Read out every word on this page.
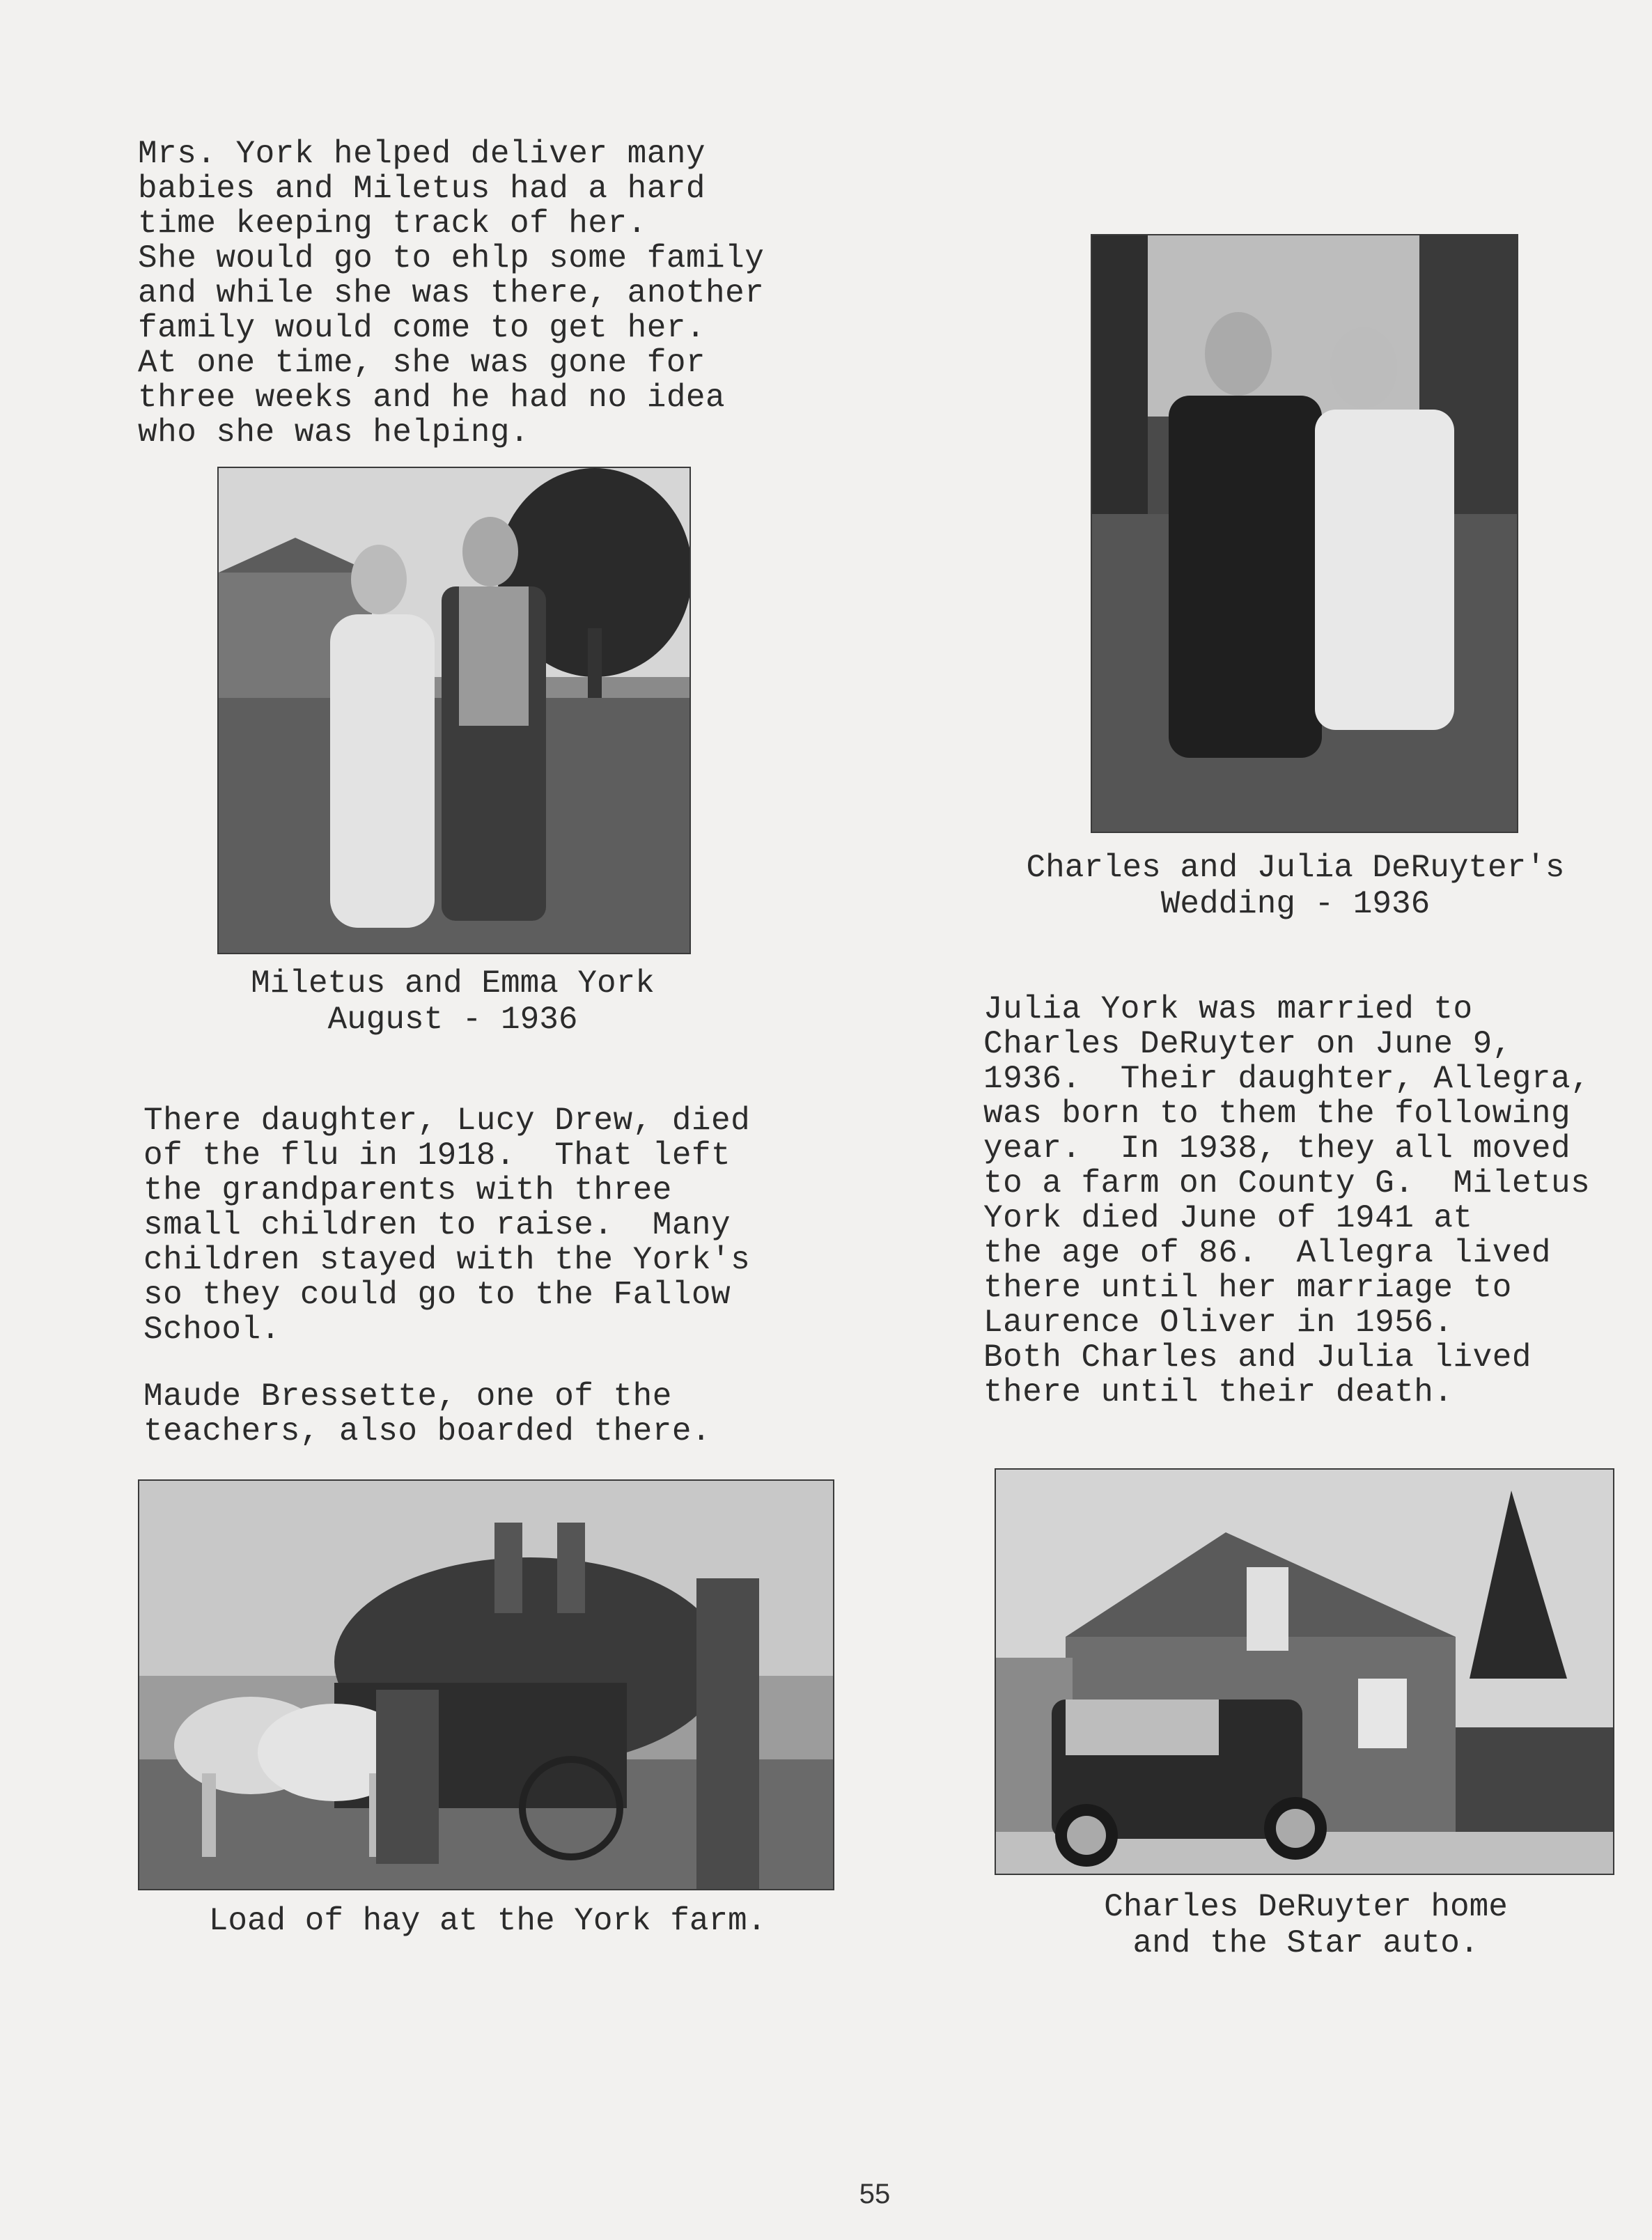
Mrs. York helped deliver many
babies and Miletus had a hard
time keeping track of her.
She would go to ehlp some family
and while she was there, another
family would come to get her.
At one time, she was gone for
three weeks and he had no idea
who she was helping.

Miletus and Emma York
August - 1936

Charles and Julia DeRuyter's
Wedding - 1936

Julia York was married to
Charles DeRuyter on June 9,
1936.  Their daughter, Allegra,
was born to them the following
year.  In 1938, they all moved
to a farm on County G.  Miletus
York died June of 1941 at
the age of 86.  Allegra lived
there until her marriage to
Laurence Oliver in 1956.
Both Charles and Julia lived
there until their death.

There daughter, Lucy Drew, died
of the flu in 1918.  That left
the grandparents with three
small children to raise.  Many
children stayed with the York's
so they could go to the Fallow
School.

Maude Bressette, one of the
teachers, also boarded there.

Load of hay at the York farm.	Charles DeRuyter home
and the Star auto.

55
